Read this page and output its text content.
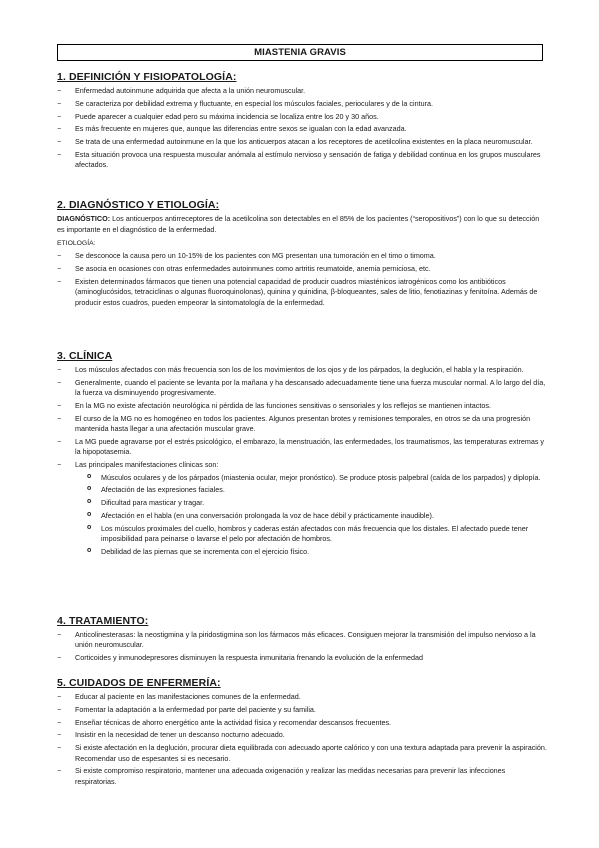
MIASTENIA GRAVIS
1. DEFINICIÓN Y FISIOPATOLOGÍA:
− Enfermedad autoinmune adquirida que afecta a la unión neuromuscular.
− Se caracteriza por debilidad extrema y fluctuante, en especial los músculos faciales, perioculares y de la cintura.
− Puede aparecer a cualquier edad pero su máxima incidencia se localiza entre los 20 y 30 años.
− Es más frecuente en mujeres que, aunque las diferencias entre sexos se igualan con la edad avanzada.
− Se trata de una enfermedad autoinmune en la que los anticuerpos atacan a los receptores de acetilcolina existentes en la placa neuromuscular.
− Esta situación provoca una respuesta muscular anómala al estímulo nervioso y sensación de fatiga y debilidad continua en los grupos musculares afectados.
2. DIAGNÓSTICO Y ETIOLOGÍA:

DIAGNÓSTICO: Los anticuerpos antirreceptores de la acetilcolina son detectables en el 85% de los pacientes (“seropositivos”) con lo que su detección es importante en el diagnóstico de la enfermedad.

ETIOLOGÍA:
− Se desconoce la causa pero un 10-15% de los pacientes con MG presentan una tumoración en el timo o timoma.
− Se asocia en ocasiones con otras enfermedades autoinmunes como artritis reumatoide, anemia perniciosa, etc.
− Existen determinados fármacos que tienen una potencial capacidad de producir cuadros miasténicos iatrogénicos como los antibióticos (aminoglucósidos, tetraciclinas o algunas fluoroquinolonas), quinina y quinidina, β-bloqueantes, sales de litio, fenotiazinas y fenitoína. Además de producir estos cuadros, pueden empeorar la sintomatología de la enfermedad.
3. CLÍNICA
− Los músculos afectados con más frecuencia son los de los movimientos de los ojos y de los párpados, la deglución, el habla y la respiración.
− Generalmente, cuando el paciente se levanta por la mañana y ha descansado adecuadamente tiene una fuerza muscular normal. A lo largo del día, la fuerza va disminuyendo progresivamente.
− En la MG no existe afectación neurológica ni pérdida de las funciones sensitivas o sensoriales y los reflejos se mantienen intactos.
− El curso de la MG no es homogéneo en todos los pacientes. Algunos presentan brotes y remisiones temporales, en otros se da una progresión mantenida hasta llegar a una afectación muscular grave.
− La MG puede agravarse por el estrés psicológico, el embarazo, la menstruación, las enfermedades, los traumatismos, las temperaturas extremas y la hipopotasemia.
− Las principales manifestaciones clínicas son:
o Músculos oculares y de los párpados (miastenia ocular, mejor pronóstico). Se produce ptosis palpebral (caída de los parpados) y diplopía.
o Afectación de las expresiones faciales.
o Dificultad para masticar y tragar.
o Afectación en el habla (en una conversación prolongada la voz de hace débil y prácticamente inaudible).
o Los músculos proximales del cuello, hombros y caderas están afectados con más frecuencia que los distales. El afectado puede tener imposibilidad para peinarse o lavarse el pelo por afectación de hombros.
o Debilidad de las piernas que se incrementa con el ejercicio físico.
4. TRATAMIENTO:
− Anticolinesterasas: la neostigmina y la piridostigmina son los fármacos más eficaces. Consiguen mejorar la transmisión del impulso nervioso a la unión neuromuscular.
− Corticoides y inmunodepresores disminuyen la respuesta inmunitaria frenando la evolución de la enfermedad
5. CUIDADOS DE ENFERMERÍA:
− Educar al paciente en las manifestaciones comunes de la enfermedad.
− Fomentar la adaptación a la enfermedad por parte del paciente y su familia.
− Enseñar técnicas de ahorro energético ante la actividad física y recomendar descansos frecuentes.
− Insistir en la necesidad de tener un descanso nocturno adecuado.
− Si existe afectación en la deglución, procurar dieta equilibrada con adecuado aporte calórico y con una textura adaptada para prevenir la aspiración. Recomendar uso de espesantes si es necesario.
− Si existe compromiso respiratorio, mantener una adecuada oxigenación y realizar las medidas necesarias para prevenir las infecciones respiratorias.
